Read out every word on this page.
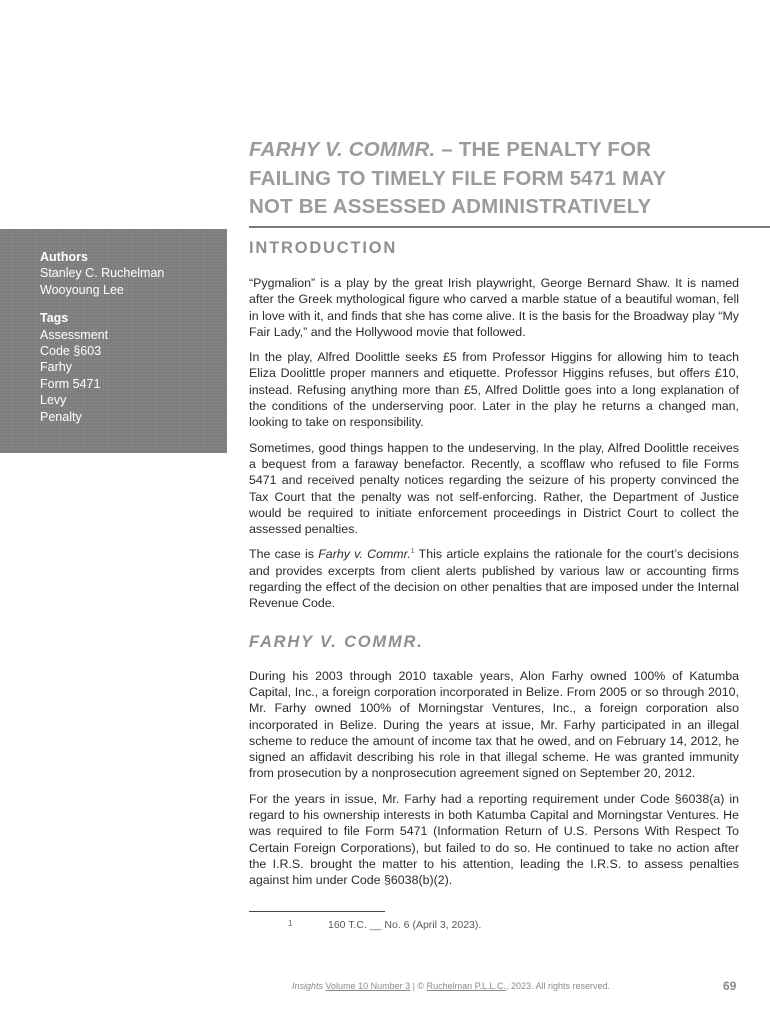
FARHY V. COMMR. – THE PENALTY FOR
FAILING TO TIMELY FILE FORM 5471 MAY
NOT BE ASSESSED ADMINISTRATIVELY

Authors

Stanley C. Ruchelman
Wooyoung Lee

Tags

Assessment
Code §603
Farhy
Form 5471
Levy
Penalty
INTRODUCTION

“Pygmalion” is a play by the great Irish playwright, George Bernard Shaw. It is named after the Greek mythological figure who carved a marble statue of a beautiful woman, fell in love with it, and finds that she has come alive. It is the basis for the Broadway play “My Fair Lady,” and the Hollywood movie that followed.

In the play, Alfred Doolittle seeks £5 from Professor Higgins for allowing him to teach Eliza Doolittle proper manners and etiquette. Professor Higgins refuses, but offers £10, instead. Refusing anything more than £5, Alfred Dolittle goes into a long explanation of the conditions of the underserving poor. Later in the play he returns a changed man, looking to take on responsibility.

Sometimes, good things happen to the undeserving. In the play, Alfred Doolittle receives a bequest from a faraway benefactor. Recently, a scofflaw who refused to file Forms 5471 and received penalty notices regarding the seizure of his property convinced the Tax Court that the penalty was not self-enforcing. Rather, the Department of Justice would be required to initiate enforcement proceedings in District Court to collect the assessed penalties.

The case is Farhy v. Commr.$^1$ This article explains the rationale for the court’s decisions and provides excerpts from client alerts published by various law or accounting firms regarding the effect of the decision on other penalties that are imposed under the Internal Revenue Code.

FARHY V. COMMR.

During his 2003 through 2010 taxable years, Alon Farhy owned 100% of Katumba Capital, Inc., a foreign corporation incorporated in Belize. From 2005 or so through 2010, Mr. Farhy owned 100% of Morningstar Ventures, Inc., a foreign corporation also incorporated in Belize. During the years at issue, Mr. Farhy participated in an illegal scheme to reduce the amount of income tax that he owed, and on February 14, 2012, he signed an affidavit describing his role in that illegal scheme. He was granted immunity from prosecution by a nonprosecution agreement signed on September 20, 2012.

For the years in issue, Mr. Farhy had a reporting requirement under Code §6038(a) in regard to his ownership interests in both Katumba Capital and Morningstar Ventures. He was required to file Form 5471 (Information Return of U.S. Persons With Respect To Certain Foreign Corporations), but failed to do so. He continued to take no action after the I.R.S. brought the matter to his attention, leading the I.R.S. to assess penalties against him under Code §6038(b)(2).

1	160 T.C. __ No. 6 (April 3, 2023).
Insights Volume 10 Number 3 | © Ruchelman P.L.L.C., 2023. All rights reserved.	69
